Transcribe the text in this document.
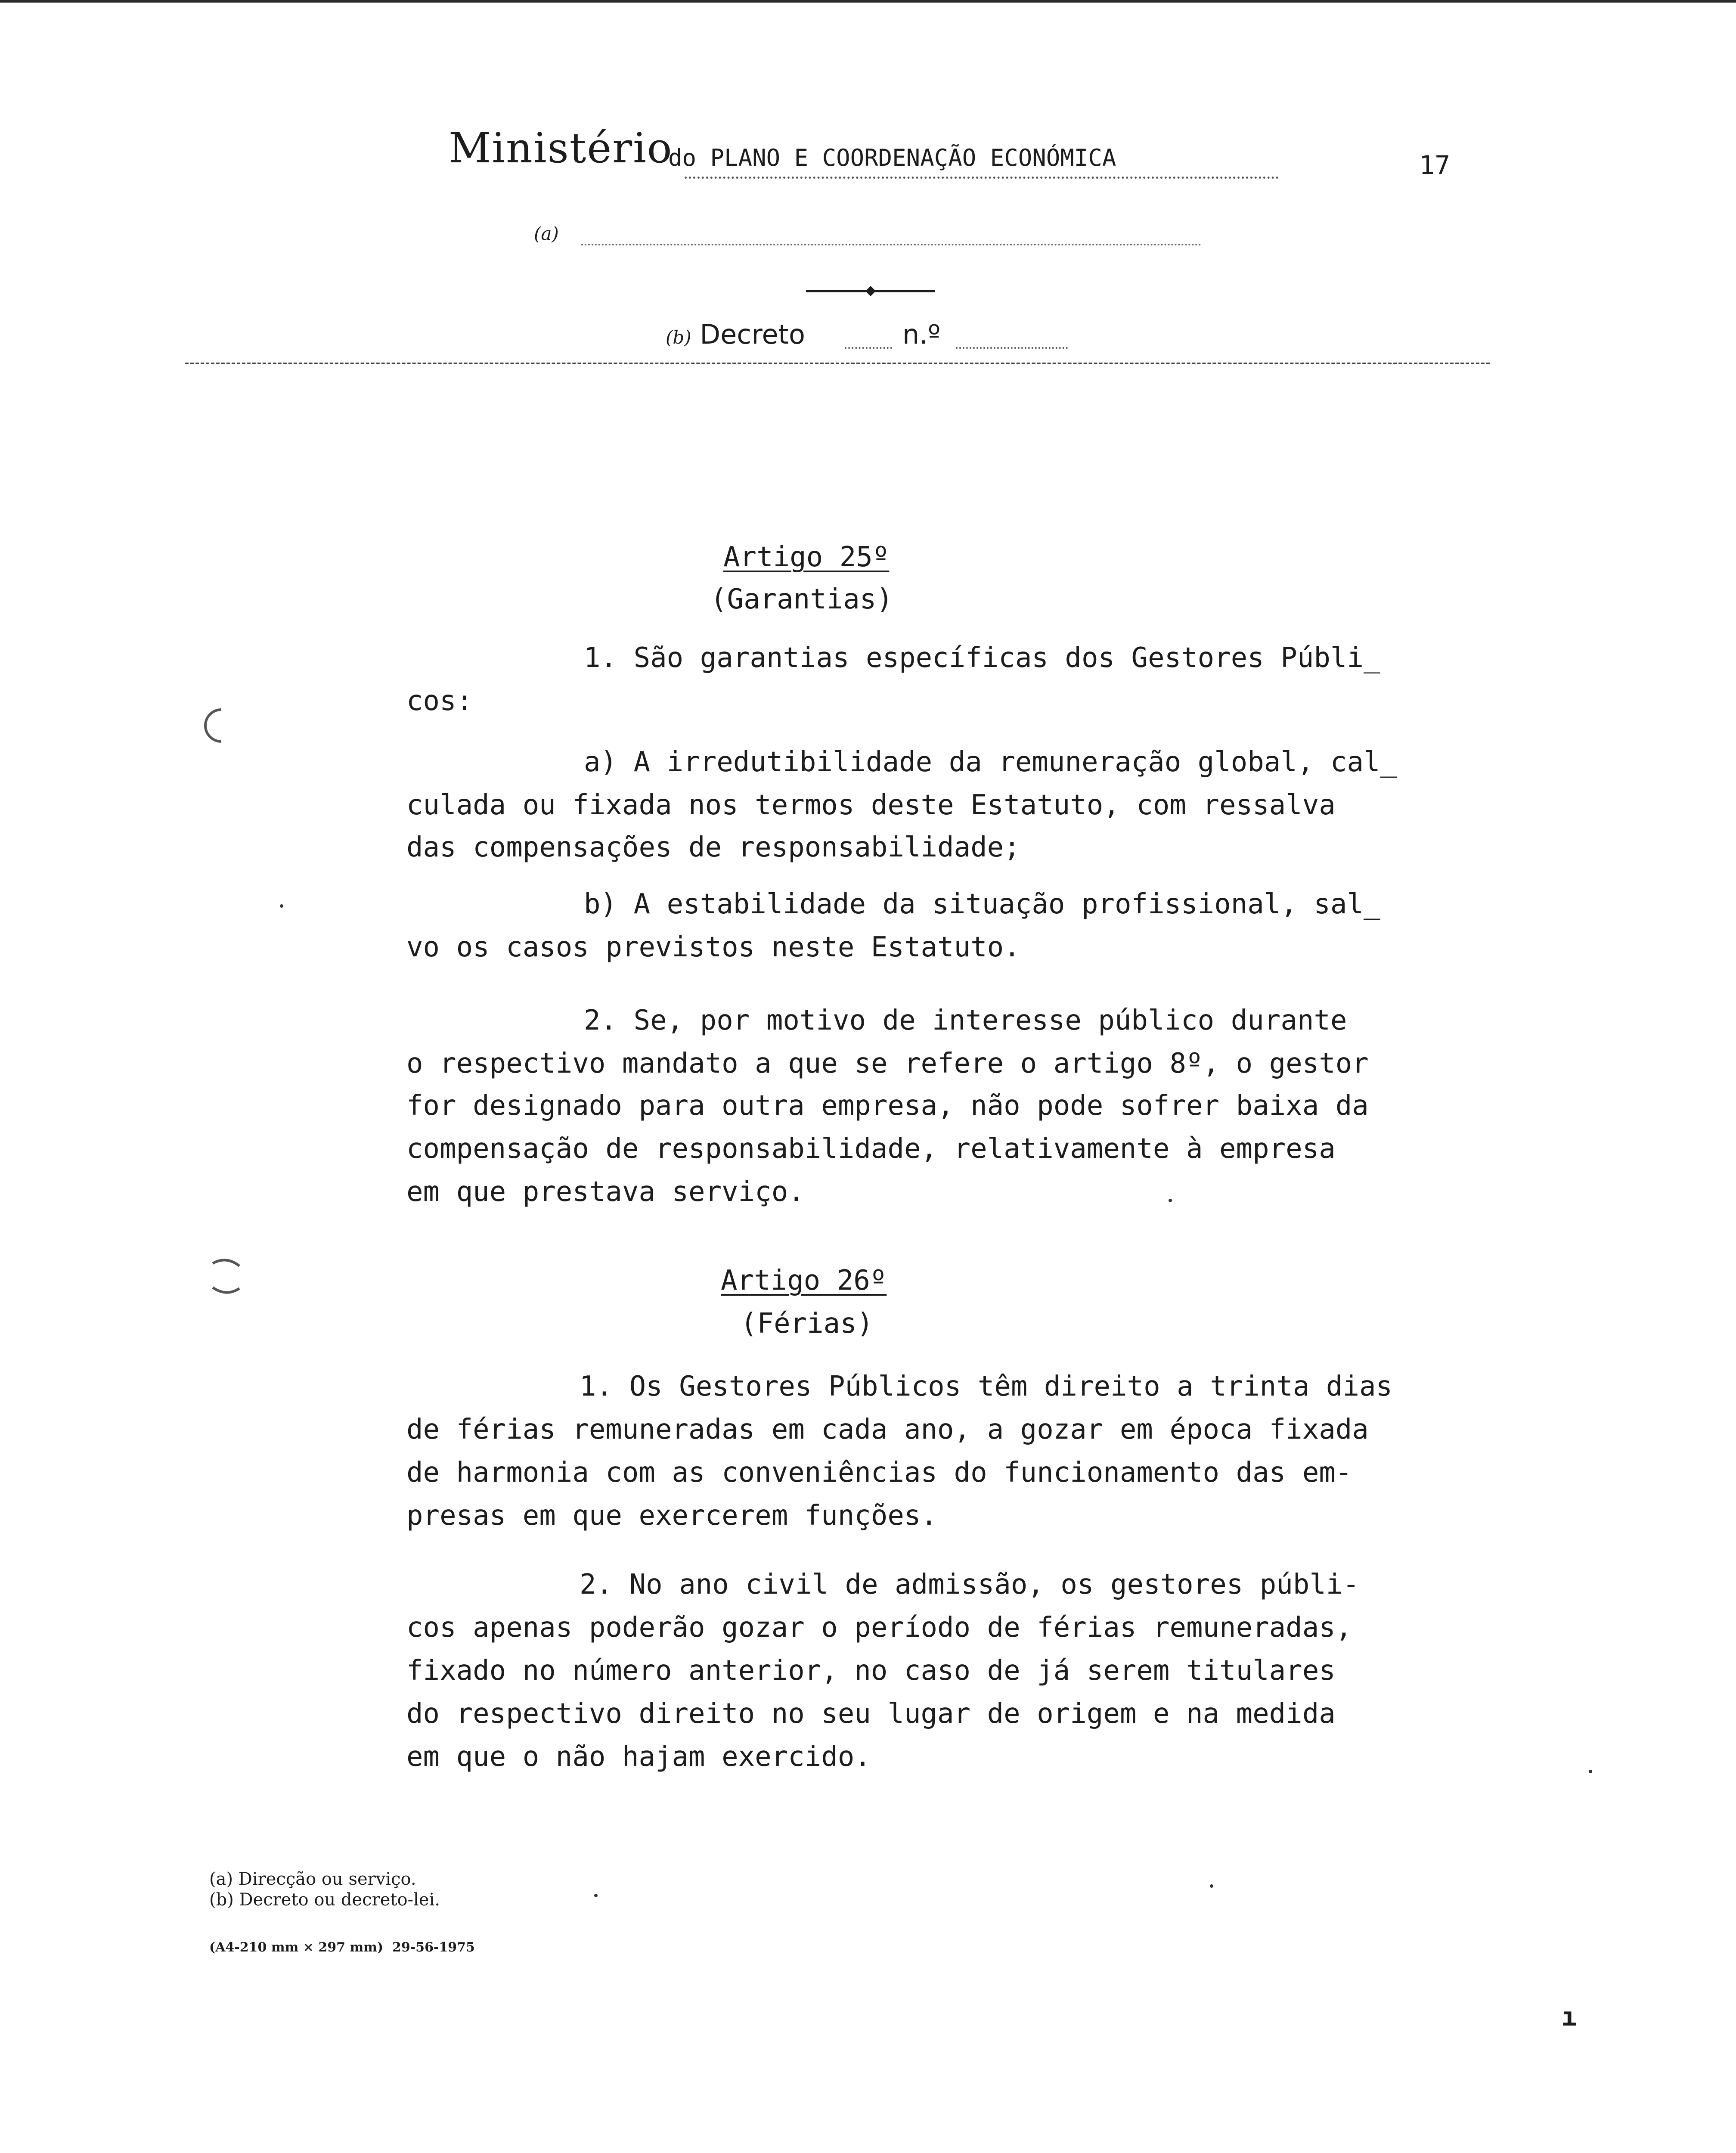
Ministério
do PLANO E COORDENAÇÃO ECONÓMICA	17
(a)
(b) Decreto	n.º
Artigo 25º
(Garantias)
1. São garantias específicas dos Gestores Públi_
cos:
a) A irredutibilidade da remuneração global, cal_
culada ou fixada nos termos deste Estatuto, com ressalva
das compensações de responsabilidade;
b) A estabilidade da situação profissional, sal_
vo os casos previstos neste Estatuto.
2. Se, por motivo de interesse público durante
o respectivo mandato a que se refere o artigo 8º, o gestor
for designado para outra empresa, não pode sofrer baixa da
compensação de responsabilidade, relativamente à empresa
em que prestava serviço.
Artigo 26º
(Férias)
1. Os Gestores Públicos têm direito a trinta dias
de férias remuneradas em cada ano, a gozar em época fixada
de harmonia com as conveniências do funcionamento das em-
presas em que exercerem funções.
2. No ano civil de admissão, os gestores públi-
cos apenas poderão gozar o período de férias remuneradas,
fixado no número anterior, no caso de já serem titulares
do respectivo direito no seu lugar de origem e na medida
em que o não hajam exercido.
(a) Direcção ou serviço.
(b) Decreto ou decreto-lei.
(A4-210 mm × 297 mm)  29-56-1975
ı
